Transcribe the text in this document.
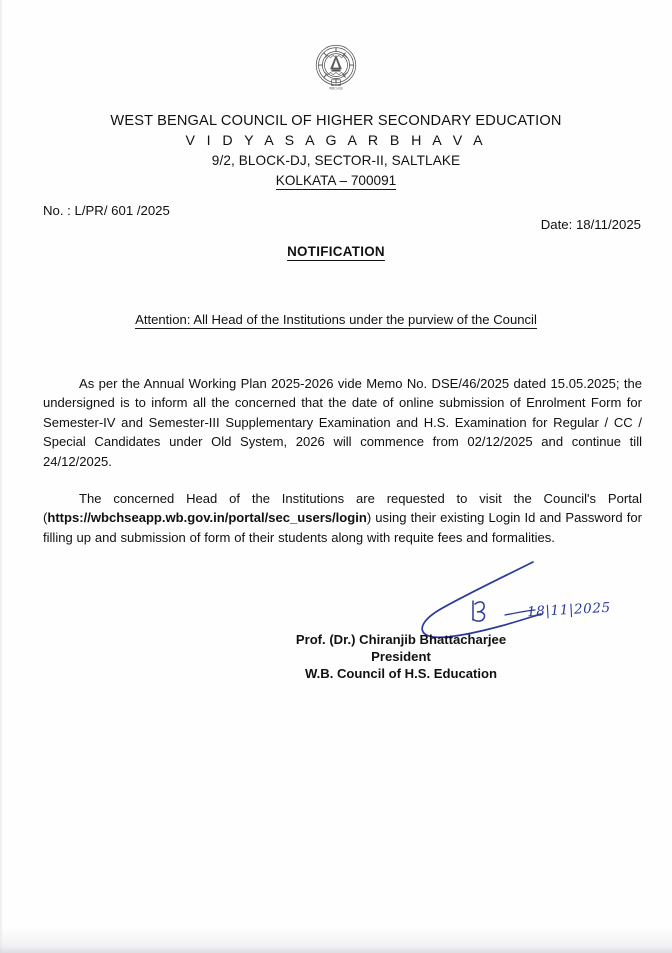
WBCHSE
WEST BENGAL COUNCIL OF HIGHER SECONDARY EDUCATION
V I D Y A S A G A R B H A V A
9/2, BLOCK-DJ, SECTOR-II, SALTLAKE
KOLKATA – 700091
No. : L/PR/ 601 /2025
Date: 18/11/2025
NOTIFICATION
Attention: All Head of the Institutions under the purview of the Council

As per the Annual Working Plan 2025-2026 vide Memo No. DSE/46/2025 dated 15.05.2025; the undersigned is to inform all the concerned that the date of online submission of Enrolment Form for Semester-IV and Semester-III Supplementary Examination and H.S. Examination for Regular / CC / Special Candidates under Old System, 2026 will commence from 02/12/2025 and continue till 24/12/2025.

The concerned Head of the Institutions are requested to visit the Council's Portal (https://wbchseapp.wb.gov.in/portal/sec_users/login) using their existing Login Id and Password for filling up and submission of form of their students along with requite fees and formalities.

18|11|2025
Prof. (Dr.) Chiranjib Bhattacharjee
President
W.B. Council of H.S. Education
